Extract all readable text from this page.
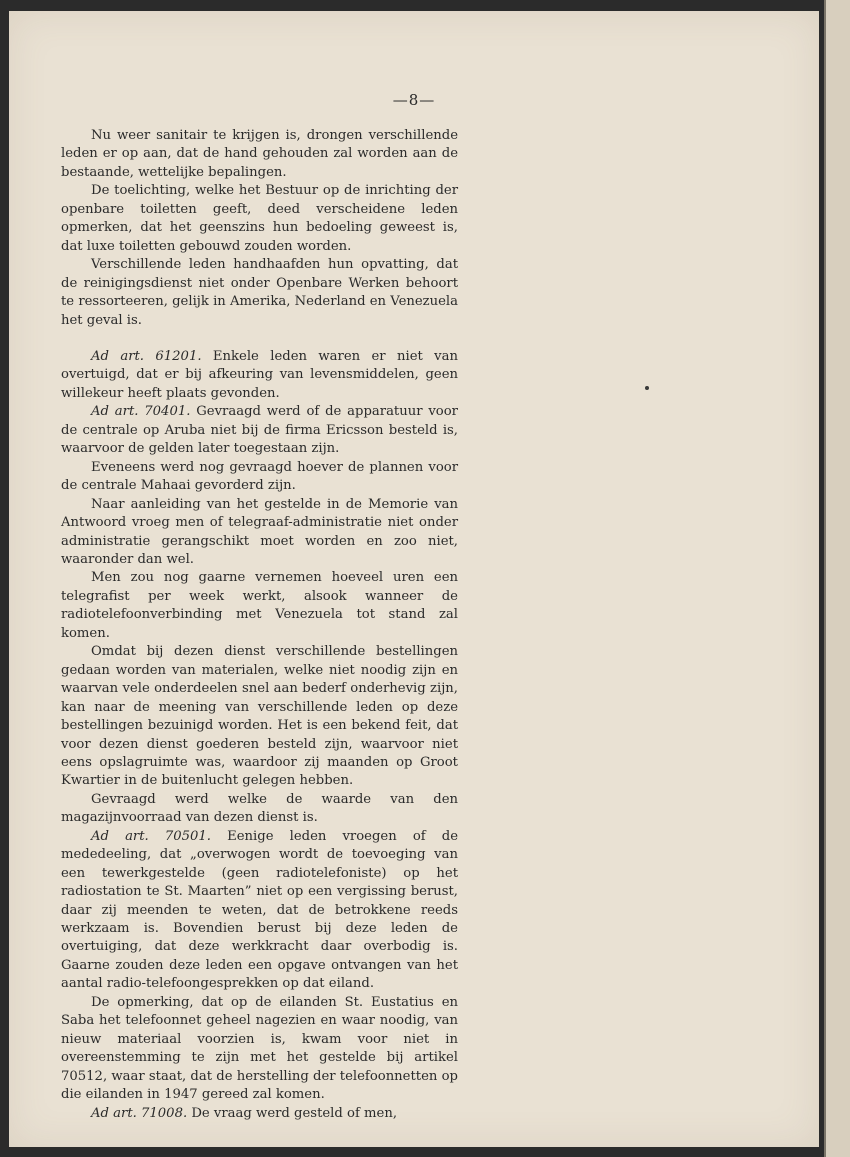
—8—

Nu weer sanitair te krijgen is, drongen verschillende leden er op aan, dat de hand gehouden zal worden aan de bestaande, wettelijke bepalingen.

De toelichting, welke het Bestuur op de inrichting der openbare toiletten geeft, deed verscheidene leden opmerken, dat het geenszins hun bedoeling geweest is, dat luxe toiletten gebouwd zouden worden.

Verschillende leden handhaafden hun opvatting, dat de reinigingsdienst niet onder Openbare Werken behoort te ressorteeren, gelijk in Amerika, Nederland en Venezuela het geval is.

Ad art. 61201. Enkele leden waren er niet van overtuigd, dat er bij afkeuring van levensmiddelen, geen willekeur heeft plaats gevonden.

Ad art. 70401. Gevraagd werd of de apparatuur voor de centrale op Aruba niet bij de firma Ericsson besteld is, waarvoor de gelden later toegestaan zijn.

Eveneens werd nog gevraagd hoever de plannen voor de centrale Mahaai gevorderd zijn.

Naar aanleiding van het gestelde in de Memorie van Antwoord vroeg men of telegraaf-administratie niet onder administratie gerangschikt moet worden en zoo niet, waaronder dan wel.

Men zou nog gaarne vernemen hoeveel uren een telegrafist per week werkt, alsook wanneer de radiotelefoonverbinding met Venezuela tot stand zal komen.

Omdat bij dezen dienst verschillende bestellingen gedaan worden van materialen, welke niet noodig zijn en waarvan vele onderdeelen snel aan bederf onderhevig zijn, kan naar de meening van verschillende leden op deze bestellingen bezuinigd worden. Het is een bekend feit, dat voor dezen dienst goederen besteld zijn, waarvoor niet eens opslagruimte was, waardoor zij maanden op Groot Kwartier in de buitenlucht gelegen hebben.

Gevraagd werd welke de waarde van den magazijnvoorraad van dezen dienst is.

Ad art. 70501. Eenige leden vroegen of de mededeeling, dat „overwogen wordt de toevoeging van een tewerkgestelde (geen radiotelefoniste) op het radiostation te St. Maarten” niet op een vergissing berust, daar zij meenden te weten, dat de betrokkene reeds werkzaam is. Bovendien berust bij deze leden de overtuiging, dat deze werkkracht daar overbodig is. Gaarne zouden deze leden een opgave ontvangen van het aantal radio-telefoongesprekken op dat eiland.

De opmerking, dat op de eilanden St. Eustatius en Saba het telefoonnet geheel nagezien en waar noodig, van nieuw materiaal voorzien is, kwam voor niet in overeenstemming te zijn met het gestelde bij artikel 70512, waar staat, dat de herstelling der telefoonnetten op die eilanden in 1947 gereed zal komen.

Ad art. 71008. De vraag werd gesteld of men,
